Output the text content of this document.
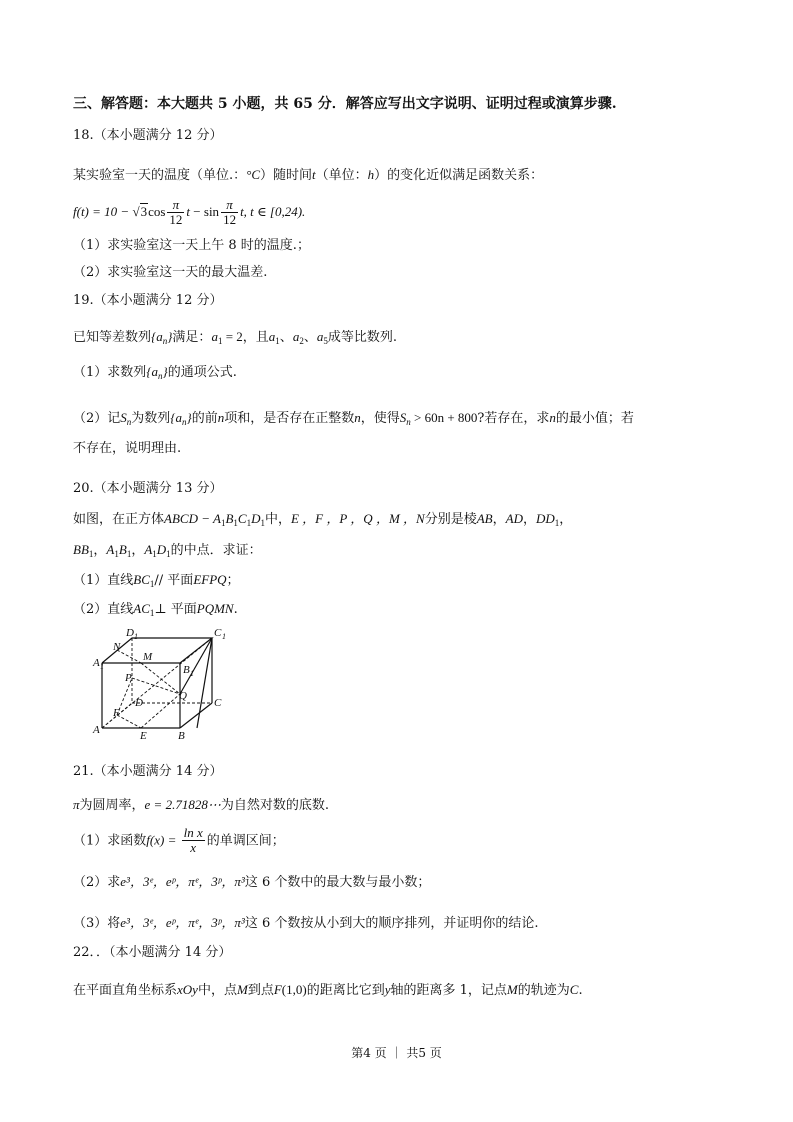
三、解答题：本大题共 5 小题，共 65 分．解答应写出文字说明、证明过程或演算步骤.
18.（本小题满分 12 分）
某实验室一天的温度（单位.：°C）随时间t（单位：h）的变化近似满足函数关系：
$f(t) = 10 - √3\cos \frac{\pi}{12}$ $t - \sin \frac{\pi}{12} t$, t ∈ [0,24).
（1）求实验室这一天上午 8 时的温度.；
（2）求实验室这一天的最大温差.
19.（本小题满分 12 分）
已知等差数列$\{a_n\}$满足：$a_1 = 2$，且$a_1$、$a_2$、$a_5$成等比数列.
（1）求数列$\{a_n\}$的通项公式.
（2）记$S_n$为数列$\{a_n\}$的前n项和，是否存在正整数n，使得$S_n > 60n + 800$?若存在，求n的最小值；若
不存在，说明理由.
20.（本小题满分 13 分）
如图，在正方体ABCD − $A_1B_1C_1D_1$中，E ，F ，P ，Q ，M ，N分别是棱AB，AD，$DD_1$，
$BB_1$，$A_1B_1$，$A_1D_1$的中点．求证：
（1）直线$BC_1//$ 平面EFPQ；
（2）直线$AC_1\perp$ 平面PQMN.
D 1	C 1
N
M
A 1	B 1
P
Q
F
D	C
E
A	B
21.（本小题满分 14 分）
π为圆周率，e = 2.71828⋯为自然对数的底数.
（1）求函数$f(x) = \frac{\text{ln x}}{x}$ 的单调区间；
（2）求e³，3ᵉ，eᵖ，πᵉ，3ᵖ，π³这 6 个数中的最大数与最小数；
（3）将e³，3ᵉ，eᵖ，πᵉ，3ᵖ，π³这 6 个数按从小到大的顺序排列，并证明你的结论.
22．．（本小题满分 14 分）
在平面直角坐标系xOy中，点M到点F(1,0)的距离比它到y轴的距离多 1，记点M的轨迹为C.
第4 页 ｜ 共5 页
